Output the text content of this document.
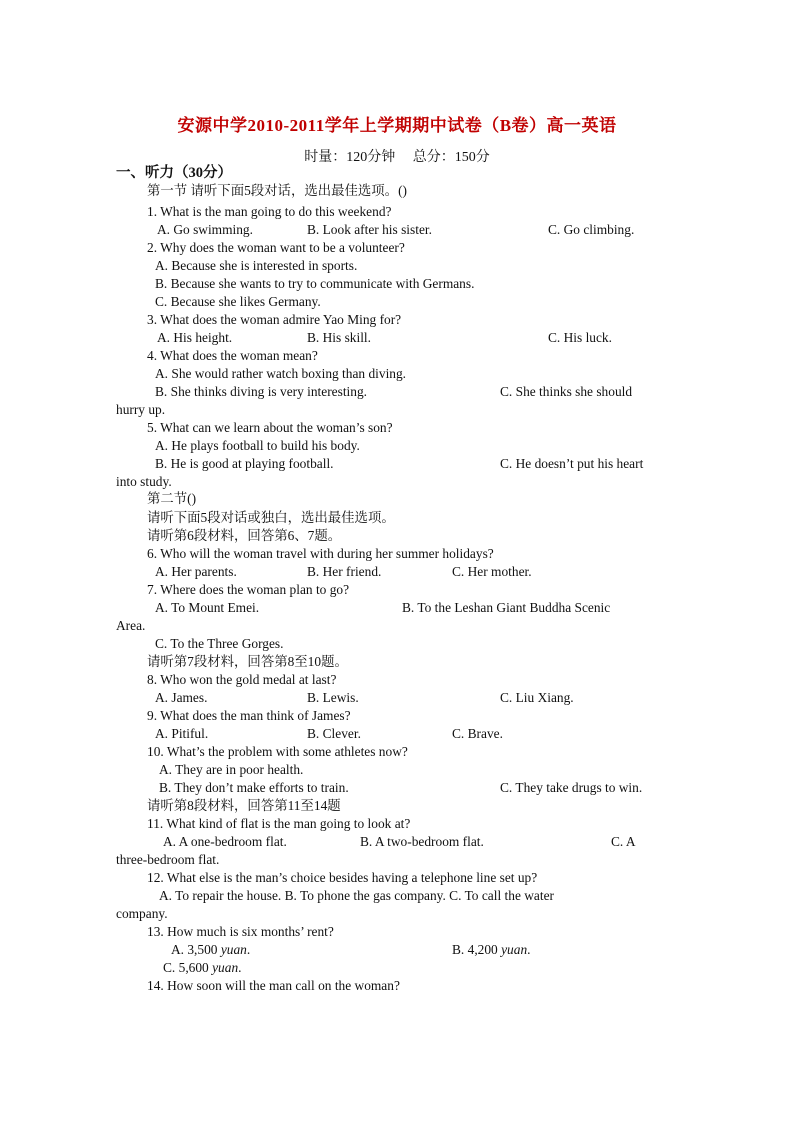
安源中学2010-2011学年上学期期中试卷（B卷）高一英语
时量：120分钟　 总分：150分
一、听力（30分）
第一节 请听下面5段对话，选出最佳选项。()
1. What is the man going to do this weekend?
A. Go swimming.	B. Look after his sister.	C. Go climbing.
2. Why does the woman want to be a volunteer?
A. Because she is interested in sports.
B. Because she wants to try to communicate with Germans.
C. Because she likes Germany.
3. What does the woman admire Yao Ming for?
A. His height.	B. His skill.	C. His luck.
4. What does the woman mean?
A. She would rather watch boxing than diving.
B. She thinks diving is very interesting.	C. She thinks she should
hurry up.
5. What can we learn about the woman’s son?
A. He plays football to build his body.
B. He is good at playing football.	C. He doesn’t put his heart
into study.
第二节()
请听下面5段对话或独白，选出最佳选项。
请听第6段材料，回答第6、7题。
6. Who will the woman travel with during her summer holidays?
A. Her parents.	B. Her friend.	C. Her mother.
7. Where does the woman plan to go?
A. To Mount Emei.	B. To the Leshan Giant Buddha Scenic
Area.
C. To the Three Gorges.
请听第7段材料，回答第8至10题。
8. Who won the gold medal at last?
A. James.	B. Lewis.	C. Liu Xiang.
9. What does the man think of James?
A. Pitiful.	B. Clever.	C. Brave.
10. What’s the problem with some athletes now?
A. They are in poor health.
B. They don’t make efforts to train.	C. They take drugs to win.
请听第8段材料，回答第11至14题
11. What kind of flat is the man going to look at?
A. A one-bedroom flat.	B. A two-bedroom flat.	C. A
three-bedroom flat.
12. What else is the man’s choice besides having a telephone line set up?
A. To repair the house. B. To phone the gas company. C. To call the water
company.
13. How much is six months’ rent?
A. 3,500 yuan.	B. 4,200 yuan.
C. 5,600 yuan.
14. How soon will the man call on the woman?
